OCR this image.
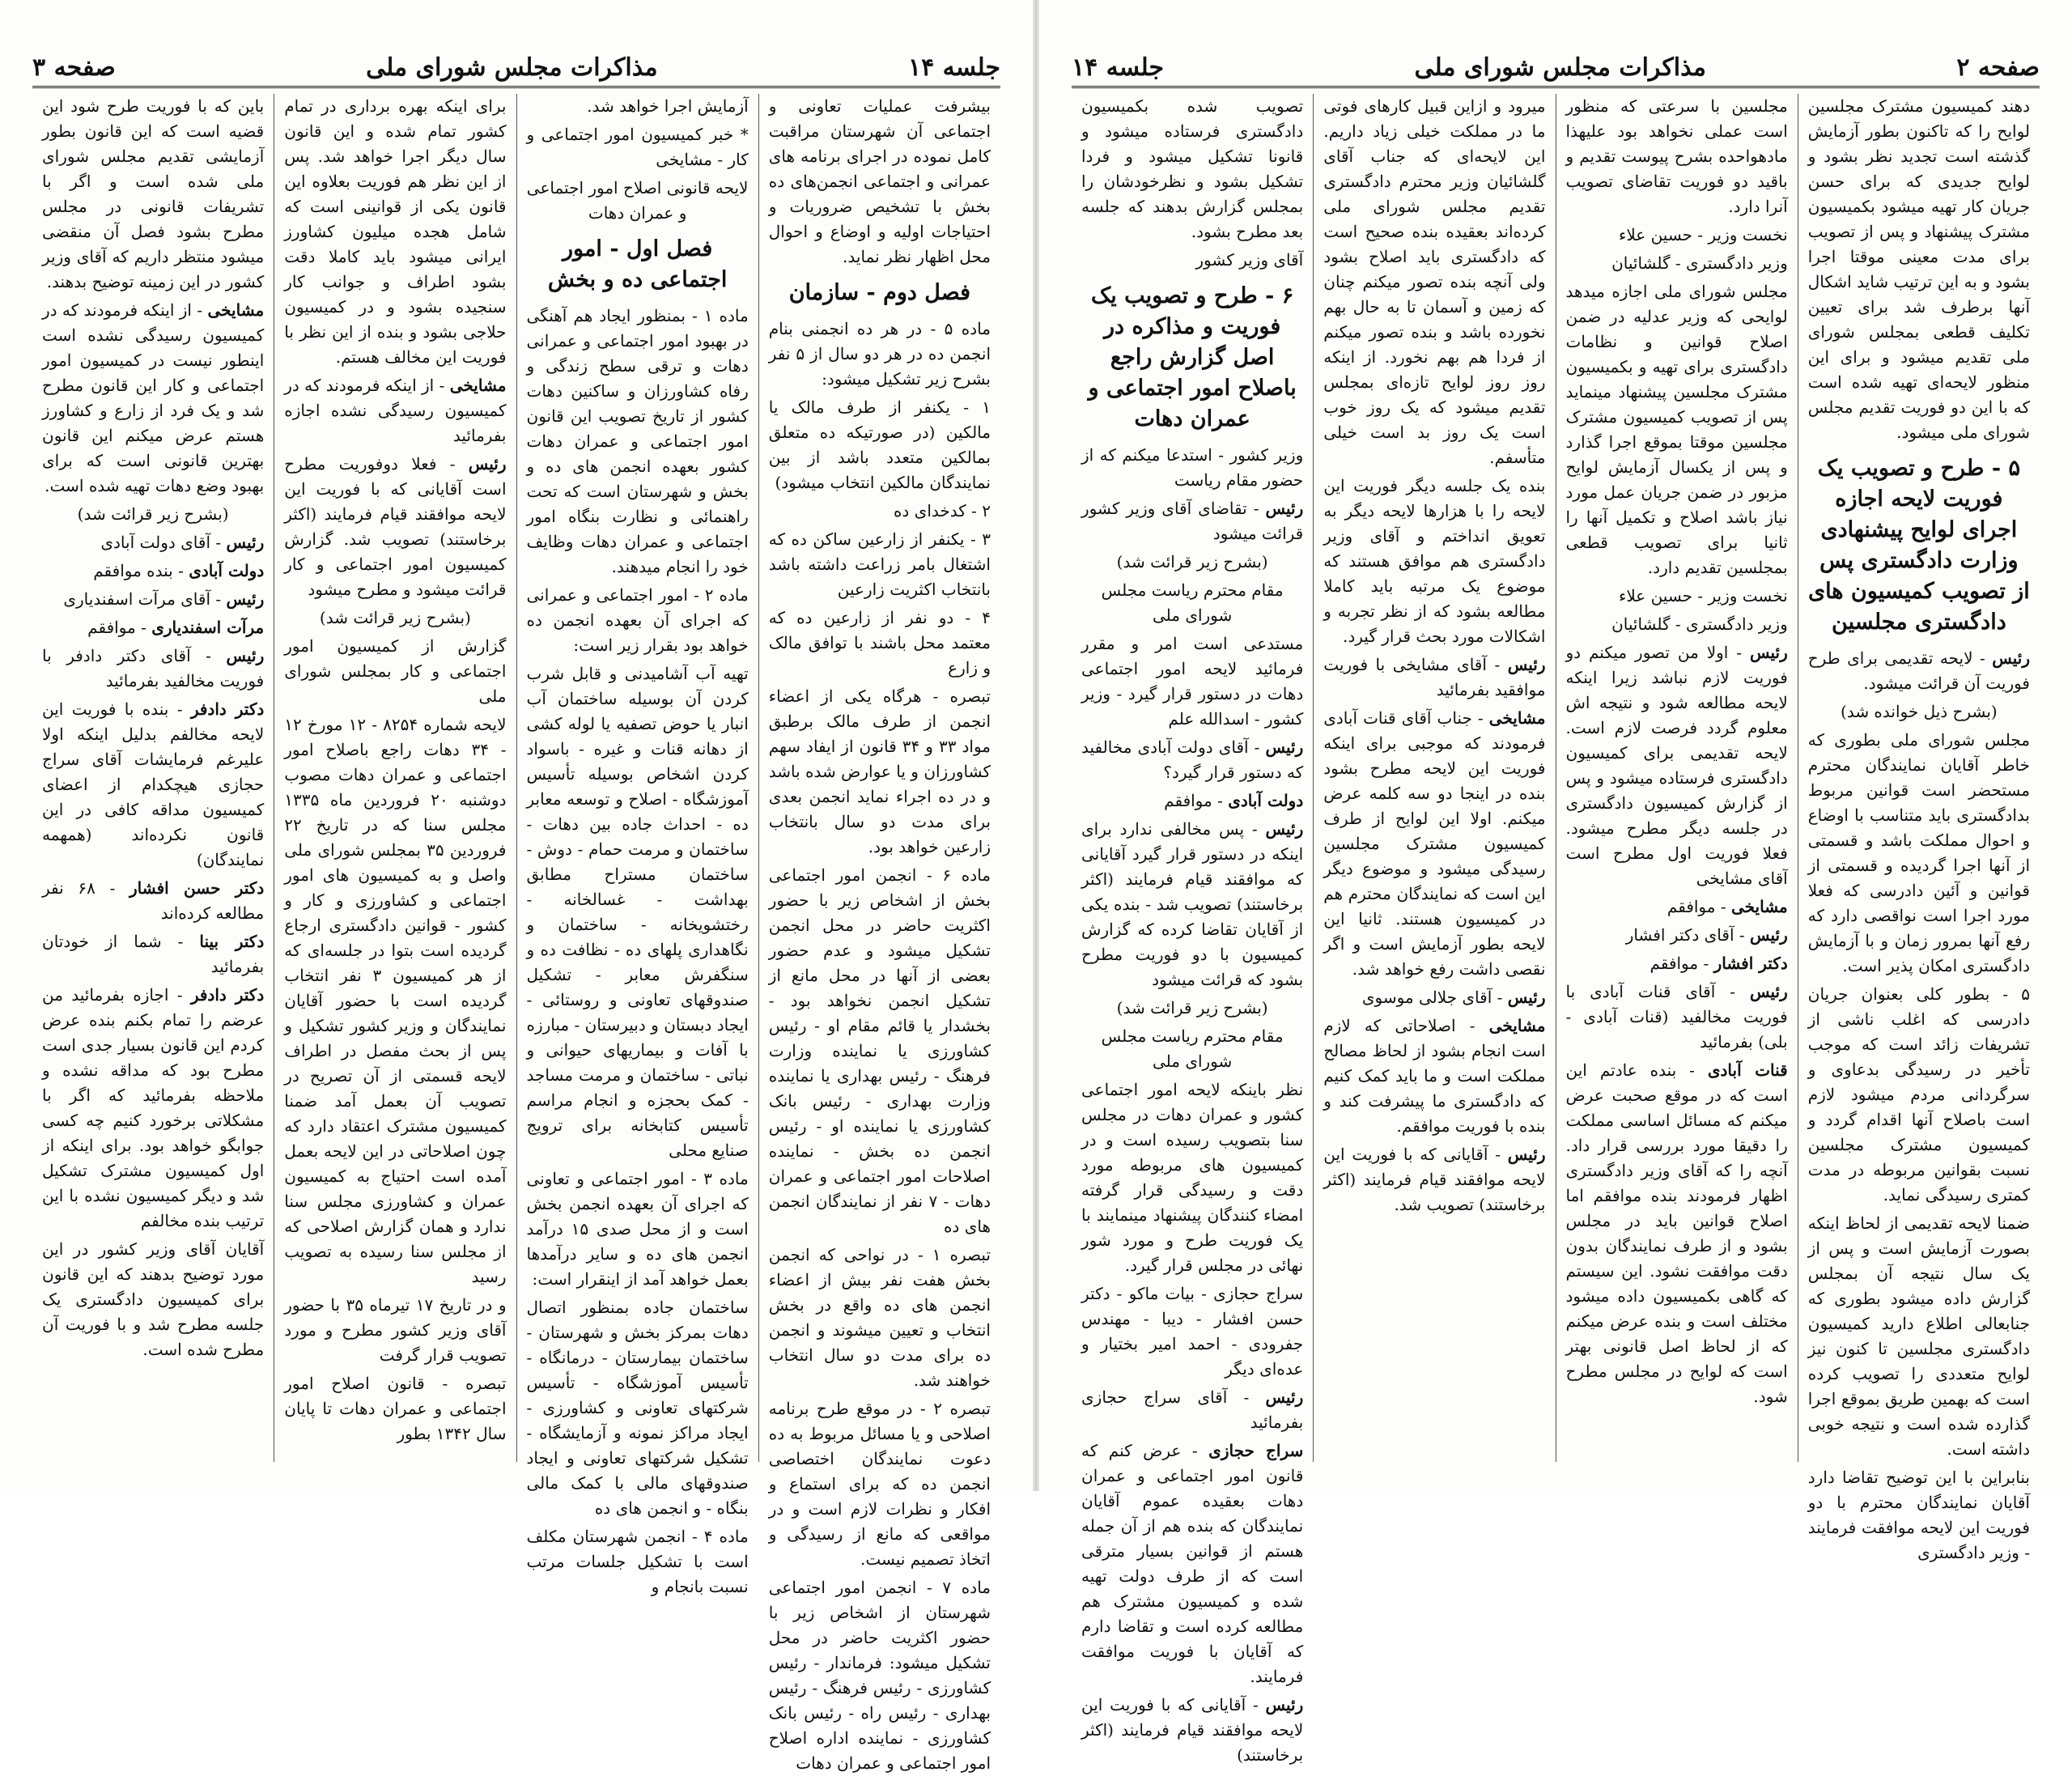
جلسه ۱۴
مذاکرات مجلس شورای ملی
صفحه ۳

بیشرفت عملیات تعاونی و اجتماعی آن شهرستان مراقبت کامل نموده در اجرای برنامه های عمرانی و اجتماعی انجمن‌های ده بخش با تشخیص ضروریات و احتیاجات اولیه و اوضاع و احوال محل اظهار نظر نماید.

فصل دوم - سازمان

ماده ۵ - در هر ده انجمنی بنام انجمن ده در هر دو سال از ۵ نفر بشرح زیر تشکیل میشود:

۱ - یکنفر از طرف مالک یا مالکین (در صورتیکه ده متعلق بمالکین متعدد باشد از بین نمایندگان مالکین انتخاب میشود)

۲ - کدخدای ده

۳ - یکنفر از زارعین ساکن ده که اشتغال بامر زراعت داشته باشد بانتخاب اکثریت زارعین

۴ - دو نفر از زارعین ده که معتمد محل باشند با توافق مالک و زارع

تبصره - هرگاه یکی از اعضاء انجمن از طرف مالک برطبق مواد ۳۳ و ۳۴ قانون از ایفاد سهم کشاورزان و یا عوارض شده باشد و در ده اجراء نماید انجمن بعدی برای مدت دو سال بانتخاب زارعین خواهد بود.

ماده ۶ - انجمن امور اجتماعی بخش از اشخاص زیر با حضور اکثریت حاضر در محل انجمن تشکیل میشود و عدم حضور بعضی از آنها در محل مانع از تشکیل انجمن نخواهد بود - بخشدار یا قائم مقام او - رئیس کشاورزی یا نماینده وزارت فرهنگ - رئیس بهداری یا نماینده وزارت بهداری - رئیس بانک کشاورزی یا نماینده او - رئیس انجمن ده بخش - نماینده اصلاحات امور اجتماعی و عمران دهات - ۷ نفر از نمایندگان انجمن های ده

تبصره ۱ - در نواحی که انجمن بخش هفت نفر بیش از اعضاء انجمن های ده واقع در بخش انتخاب و تعیین میشوند و انجمن ده برای مدت دو سال انتخاب خواهند شد.

تبصره ۲ - در موقع طرح برنامه اصلاحی و یا مسائل مربوط به ده دعوت نمایندگان اختصاصی انجمن ده که برای استماع و افکار و نظرات لازم است و در مواقعی که مانع از رسیدگی و اتخاذ تصمیم نیست.

ماده ۷ - انجمن امور اجتماعی شهرستان از اشخاص زیر با حضور اکثریت حاضر در محل تشکیل میشود: فرماندار - رئیس کشاورزی - رئیس فرهنگ - رئیس بهداری - رئیس راه - رئیس بانک کشاورزی - نماینده اداره اصلاح امور اجتماعی و عمران دهات

آزمایش اجرا خواهد شد.

* خبر کمیسیون امور اجتماعی و کار - مشایخی

لایحه قانونی اصلاح امور اجتماعی و عمران دهات

فصل اول - امور اجتماعی ده و بخش

ماده ۱ - بمنظور ایجاد هم آهنگی در بهبود امور اجتماعی و عمرانی دهات و ترقی سطح زندگی و رفاه کشاورزان و ساکنین دهات کشور از تاریخ تصویب این قانون امور اجتماعی و عمران دهات کشور بعهده انجمن های ده و بخش و شهرستان است که تحت راهنمائی و نظارت بنگاه امور اجتماعی و عمران دهات وظایف خود را انجام میدهند.

ماده ۲ - امور اجتماعی و عمرانی که اجرای آن بعهده انجمن ده خواهد بود بقرار زیر است:

تهیه آب آشامیدنی و قابل شرب کردن آن بوسیله ساختمان آب انبار یا حوض تصفیه یا لوله کشی از دهانه قنات و غیره - باسواد کردن اشخاص بوسیله تأسیس آموزشگاه - اصلاح و توسعه معابر ده - احداث جاده بین دهات - ساختمان و مرمت حمام - دوش - ساختمان مستراح مطابق بهداشت - غسالخانه - رختشویخانه - ساختمان و نگاهداری پلهای ده - نظافت ده و سنگفرش معابر - تشکیل صندوقهای تعاونی و روستائی - ایجاد دبستان و دبیرستان - مبارزه با آفات و بیماریهای حیوانی و نباتی - ساختمان و مرمت مساجد - کمک بحجزه و انجام مراسم تأسیس کتابخانه برای ترویج صنایع محلی

ماده ۳ - امور اجتماعی و تعاونی که اجرای آن بعهده انجمن بخش است و از محل صدی ۱۵ درآمد انجمن های ده و سایر درآمدها بعمل خواهد آمد از اینقرار است:

ساختمان جاده بمنظور اتصال دهات بمرکز بخش و شهرستان - ساختمان بیمارستان - درمانگاه - تأسیس آموزشگاه - تأسیس شرکتهای تعاونی و کشاورزی - ایجاد مراکز نمونه و آزمایشگاه - تشکیل شرکتهای تعاونی و ایجاد صندوقهای مالی با کمک مالی بنگاه - و انجمن های ده

ماده ۴ - انجمن شهرستان مکلف است با تشکیل جلسات مرتب نسبت بانجام و

برای اینکه بهره برداری در تمام کشور تمام شده و این قانون سال دیگر اجرا خواهد شد. پس از این نظر هم فوریت بعلاوه این قانون یکی از قوانینی است که شامل هجده میلیون کشاورز ایرانی میشود باید کاملا دقت بشود اطراف و جوانب کار سنجیده بشود و در کمیسیون حلاجی بشود و بنده از این نظر با فوریت این مخالف هستم.

مشایخی - از اینکه فرمودند که در کمیسیون رسیدگی نشده اجازه بفرمائید

رئیس - فعلا دوفوریت مطرح است آقایانی که با فوریت این لایحه موافقند قیام فرمایند (اکثر برخاستند) تصویب شد. گزارش کمیسیون امور اجتماعی و کار قرائت میشود و مطرح میشود

(بشرح زیر قرائت شد)

گزارش از کمیسیون امور اجتماعی و کار بمجلس شورای ملی

لایحه شماره ۸۲۵۴ - ۱۲ مورخ ۱۲ - ۳۴ دهات راجع باصلاح امور اجتماعی و عمران دهات مصوب دوشنبه ۲۰ فروردین ماه ۱۳۳۵ مجلس سنا که در تاریخ ۲۲ فروردین ۳۵ بمجلس شورای ملی واصل و به کمیسیون های امور اجتماعی و کشاورزی و کار و کشور - قوانین دادگستری ارجاع گردیده است بتوا در جلسه‌ای که از هر کمیسیون ۳ نفر انتخاب گردیده است با حضور آقایان نمایندگان و وزیر کشور تشکیل و پس از بحث مفصل در اطراف لایحه قسمتی از آن تصریح در تصویب آن بعمل آمد ضمنا کمیسیون مشترک اعتقاد دارد که چون اصلاحاتی در این لایحه بعمل آمده است احتیاج به کمیسیون عمران و کشاورزی مجلس سنا ندارد و همان گزارش اصلاحی که از مجلس سنا رسیده به تصویب رسید

و در تاریخ ۱۷ تیرماه ۳۵ با حضور آقای وزیر کشور مطرح و مورد تصویب قرار گرفت

تبصره - قانون اصلاح امور اجتماعی و عمران دهات تا پایان سال ۱۳۴۲ بطور

باین که با فوریت طرح شود این قضیه است که این قانون بطور آزمایشی تقدیم مجلس شورای ملی شده است و اگر با تشریفات قانونی در مجلس مطرح بشود فصل آن منقضی میشود منتظر داریم که آقای وزیر کشور در این زمینه توضیح بدهند.

مشایخی - از اینکه فرمودند که در کمیسیون رسیدگی نشده است اینطور نیست در کمیسیون امور اجتماعی و کار این قانون مطرح شد و یک فرد از زارع و کشاورز هستم عرض میکنم این قانون بهترین قانونی است که برای بهبود وضع دهات تهیه شده است.

(بشرح زیر قرائت شد)

رئیس - آقای دولت آبادی

دولت آبادی - بنده موافقم

رئیس - آقای مرآت اسفندیاری

مرآت اسفندیاری - موافقم

رئیس - آقای دکتر دادفر با فوریت مخالفید بفرمائید

دکتر دادفر - بنده با فوریت این لایحه مخالفم بدلیل اینکه اولا علیرغم فرمایشات آقای سراج حجازی هیچکدام از اعضای کمیسیون مداقه کافی در این قانون نکرده‌اند (همهمه نمایندگان)

دکتر حسن افشار - ۶۸ نفر مطالعه کرده‌اند

دکتر بینا - شما از خودتان بفرمائید

دکتر دادفر - اجازه بفرمائید من عرضم را تمام بکنم بنده عرض کردم این قانون بسیار جدی است مطرح بود که مداقه نشده و ملاحظه بفرمائید که اگر با مشکلاتی برخورد کنیم چه کسی جوابگو خواهد بود. برای اینکه از اول کمیسیون مشترک تشکیل شد و دیگر کمیسیون نشده با این ترتیب بنده مخالفم

آقایان آقای وزیر کشور در این مورد توضیح بدهند که این قانون برای کمیسیون دادگستری یک جلسه مطرح شد و با فوریت آن مطرح شده است.

صفحه ۲
مذاکرات مجلس شورای ملی
جلسه ۱۴

دهند کمیسیون مشترک مجلسین لوایح را که تاکنون بطور آزمایش گذشته است تجدید نظر بشود و لوایح جدیدی که برای حسن جریان کار تهیه میشود بکمیسیون مشترک پیشنهاد و پس از تصویب برای مدت معینی موقتا اجرا بشود و به این ترتیب شاید اشکال آنها برطرف شد برای تعیین تکلیف قطعی بمجلس شورای ملی تقدیم میشود و برای این منظور لایحه‌ای تهیه شده است که با این دو فوریت تقدیم مجلس شورای ملی میشود.

۵ - طرح و تصویب یک فوریت لایحه اجازه اجرای لوایح پیشنهادی وزارت دادگستری پس از تصویب کمیسیون های دادگستری مجلسین

رئیس - لایحه تقدیمی برای طرح فوریت آن قرائت میشود.

(بشرح ذیل خوانده شد)

مجلس شورای ملی بطوری که خاطر آقایان نمایندگان محترم مستحضر است قوانین مربوط بدادگستری باید متناسب با اوضاع و احوال مملکت باشد و قسمتی از آنها اجرا گردیده و قسمتی از قوانین و آئین دادرسی که فعلا مورد اجرا است نواقصی دارد که رفع آنها بمرور زمان و با آزمایش دادگستری امکان پذیر است.

۵ - بطور کلی بعنوان جریان دادرسی که اغلب ناشی از تشریفات زائد است که موجب تأخیر در رسیدگی بدعاوی و سرگردانی مردم میشود لازم است باصلاح آنها اقدام گردد و کمیسیون مشترک مجلسین نسبت بقوانین مربوطه در مدت کمتری رسیدگی نماید.

ضمنا لایحه تقدیمی از لحاظ اینکه بصورت آزمایش است و پس از یک سال نتیجه آن بمجلس گزارش داده میشود بطوری که جنابعالی اطلاع دارید کمیسیون دادگستری مجلسین تا کنون نیز لوایح متعددی را تصویب کرده است که بهمین طریق بموقع اجرا گذارده شده است و نتیجه خوبی داشته است.

بنابراین با این توضیح تقاضا دارد آقایان نمایندگان محترم با دو فوریت این لایحه موافقت فرمایند - وزیر دادگستری

مجلسین با سرعتی که منظور است عملی نخواهد بود علیهذا مادهواحده بشرح پیوست تقدیم و باقید دو فوریت تقاضای تصویب آنرا دارد.

نخست وزیر - حسین علاء

وزیر دادگستری - گلشائیان

مجلس شورای ملی اجازه میدهد لوایحی که وزیر عدلیه در ضمن اصلاح قوانین و نظامات دادگستری برای تهیه و بکمیسیون مشترک مجلسین پیشنهاد مینماید پس از تصویب کمیسیون مشترک مجلسین موقتا بموقع اجرا گذارد و پس از یکسال آزمایش لوایح مزبور در ضمن جریان عمل مورد نیاز باشد اصلاح و تکمیل آنها را ثانیا برای تصویب قطعی بمجلسین تقدیم دارد.

نخست وزیر - حسین علاء

وزیر دادگستری - گلشائیان

رئیس - اولا من تصور میکنم دو فوریت لازم نباشد زیرا اینکه لایحه مطالعه شود و نتیجه اش معلوم گردد فرصت لازم است. لایحه تقدیمی برای کمیسیون دادگستری فرستاده میشود و پس از گزارش کمیسیون دادگستری در جلسه دیگر مطرح میشود. فعلا فوریت اول مطرح است آقای مشایخی

مشایخی - موافقم

رئیس - آقای دکتر افشار

دکتر افشار - موافقم

رئیس - آقای قنات آبادی با فوریت مخالفید (قنات آبادی - بلی) بفرمائید

قنات آبادی - بنده عادتم این است که در موقع صحبت عرض میکنم که مسائل اساسی مملکت را دقیقا مورد بررسی قرار داد. آنچه را که آقای وزیر دادگستری اظهار فرمودند بنده موافقم اما اصلاح قوانین باید در مجلس بشود و از طرف نمایندگان بدون دقت موافقت نشود. این سیستم که گاهی بکمیسیون داده میشود مختلف است و بنده عرض میکنم که از لحاظ اصل قانونی بهتر است که لوایح در مجلس مطرح شود.

میرود و ازاین قبیل کارهای فوتی ما در مملکت خیلی زیاد داریم. این لایحه‌ای که جناب آقای گلشائیان وزیر محترم دادگستری تقدیم مجلس شورای ملی کرده‌اند بعقیده بنده صحیح است که دادگستری باید اصلاح بشود ولی آنچه بنده تصور میکنم چنان که زمین و آسمان تا به حال بهم نخورده باشد و بنده تصور میکنم از فردا هم بهم نخورد. از اینکه روز روز لوایح تازه‌ای بمجلس تقدیم میشود که یک روز خوب است یک روز بد است خیلی متأسفم.

بنده یک جلسه دیگر فوریت این لایحه را با هزارها لایحه دیگر به تعویق انداختم و آقای وزیر دادگستری هم موافق هستند که موضوع یک مرتبه باید کاملا مطالعه بشود که از نظر تجربه و اشکالات مورد بحث قرار گیرد.

رئیس - آقای مشایخی با فوریت موافقید بفرمائید

مشایخی - جناب آقای قنات آبادی فرمودند که موجبی برای اینکه فوریت این لایحه مطرح بشود بنده در اینجا دو سه کلمه عرض میکنم. اولا این لوایح از طرف کمیسیون مشترک مجلسین رسیدگی میشود و موضوع دیگر این است که نمایندگان محترم هم در کمیسیون هستند. ثانیا این لایحه بطور آزمایش است و اگر نقصی داشت رفع خواهد شد.

رئیس - آقای جلالی موسوی

مشایخی - اصلاحاتی که لازم است انجام بشود از لحاظ مصالح مملکت است و ما باید کمک کنیم که دادگستری ما پیشرفت کند و بنده با فوریت موافقم.

رئیس - آقایانی که با فوریت این لایحه موافقند قیام فرمایند (اکثر برخاستند) تصویب شد.

تصویب شده بکمیسیون دادگستری فرستاده میشود و قانونا تشکیل میشود و فردا تشکیل بشود و نظرخودشان را بمجلس گزارش بدهند که جلسه بعد مطرح بشود.

آقای وزیر کشور

۶ - طرح و تصویب یک فوریت و مذاکره در اصل گزارش راجع باصلاح امور اجتماعی و عمران دهات

وزیر کشور - استدعا میکنم که از حضور مقام ریاست

رئیس - تقاضای آقای وزیر کشور قرائت میشود

(بشرح زیر قرائت شد)

مقام محترم ریاست مجلس شورای ملی

مستدعی است امر و مقرر فرمائید لایحه امور اجتماعی دهات در دستور قرار گیرد - وزیر کشور - اسدالله علم

رئیس - آقای دولت آبادی مخالفید که دستور قرار گیرد؟

دولت آبادی - موافقم

رئیس - پس مخالفی ندارد برای اینکه در دستور قرار گیرد آقایانی که موافقند قیام فرمایند (اکثر برخاستند) تصویب شد - بنده یکی از آقایان تقاضا کرده که گزارش کمیسیون با دو فوریت مطرح بشود که قرائت میشود

(بشرح زیر قرائت شد)

مقام محترم ریاست مجلس شورای ملی

نظر باینکه لایحه امور اجتماعی کشور و عمران دهات در مجلس سنا بتصویب رسیده است و در کمیسیون های مربوطه مورد دقت و رسیدگی قرار گرفته امضاء کنندگان پیشنهاد مینمایند با یک فوریت طرح و مورد شور نهائی در مجلس قرار گیرد.

سراج حجازی - بیات ماکو - دکتر حسن افشار - دیبا - مهندس جفرودی - احمد امیر بختیار و عده‌ای دیگر

رئیس - آقای سراج حجازی بفرمائید

سراج حجازی - عرض کنم که قانون امور اجتماعی و عمران دهات بعقیده عموم آقایان نمایندگان که بنده هم از آن جمله هستم از قوانین بسیار مترقی است که از طرف دولت تهیه شده و کمیسیون مشترک هم مطالعه کرده است و تقاضا دارم که آقایان با فوریت موافقت فرمایند.

رئیس - آقایانی که با فوریت این لایحه موافقند قیام فرمایند (اکثر برخاستند)
